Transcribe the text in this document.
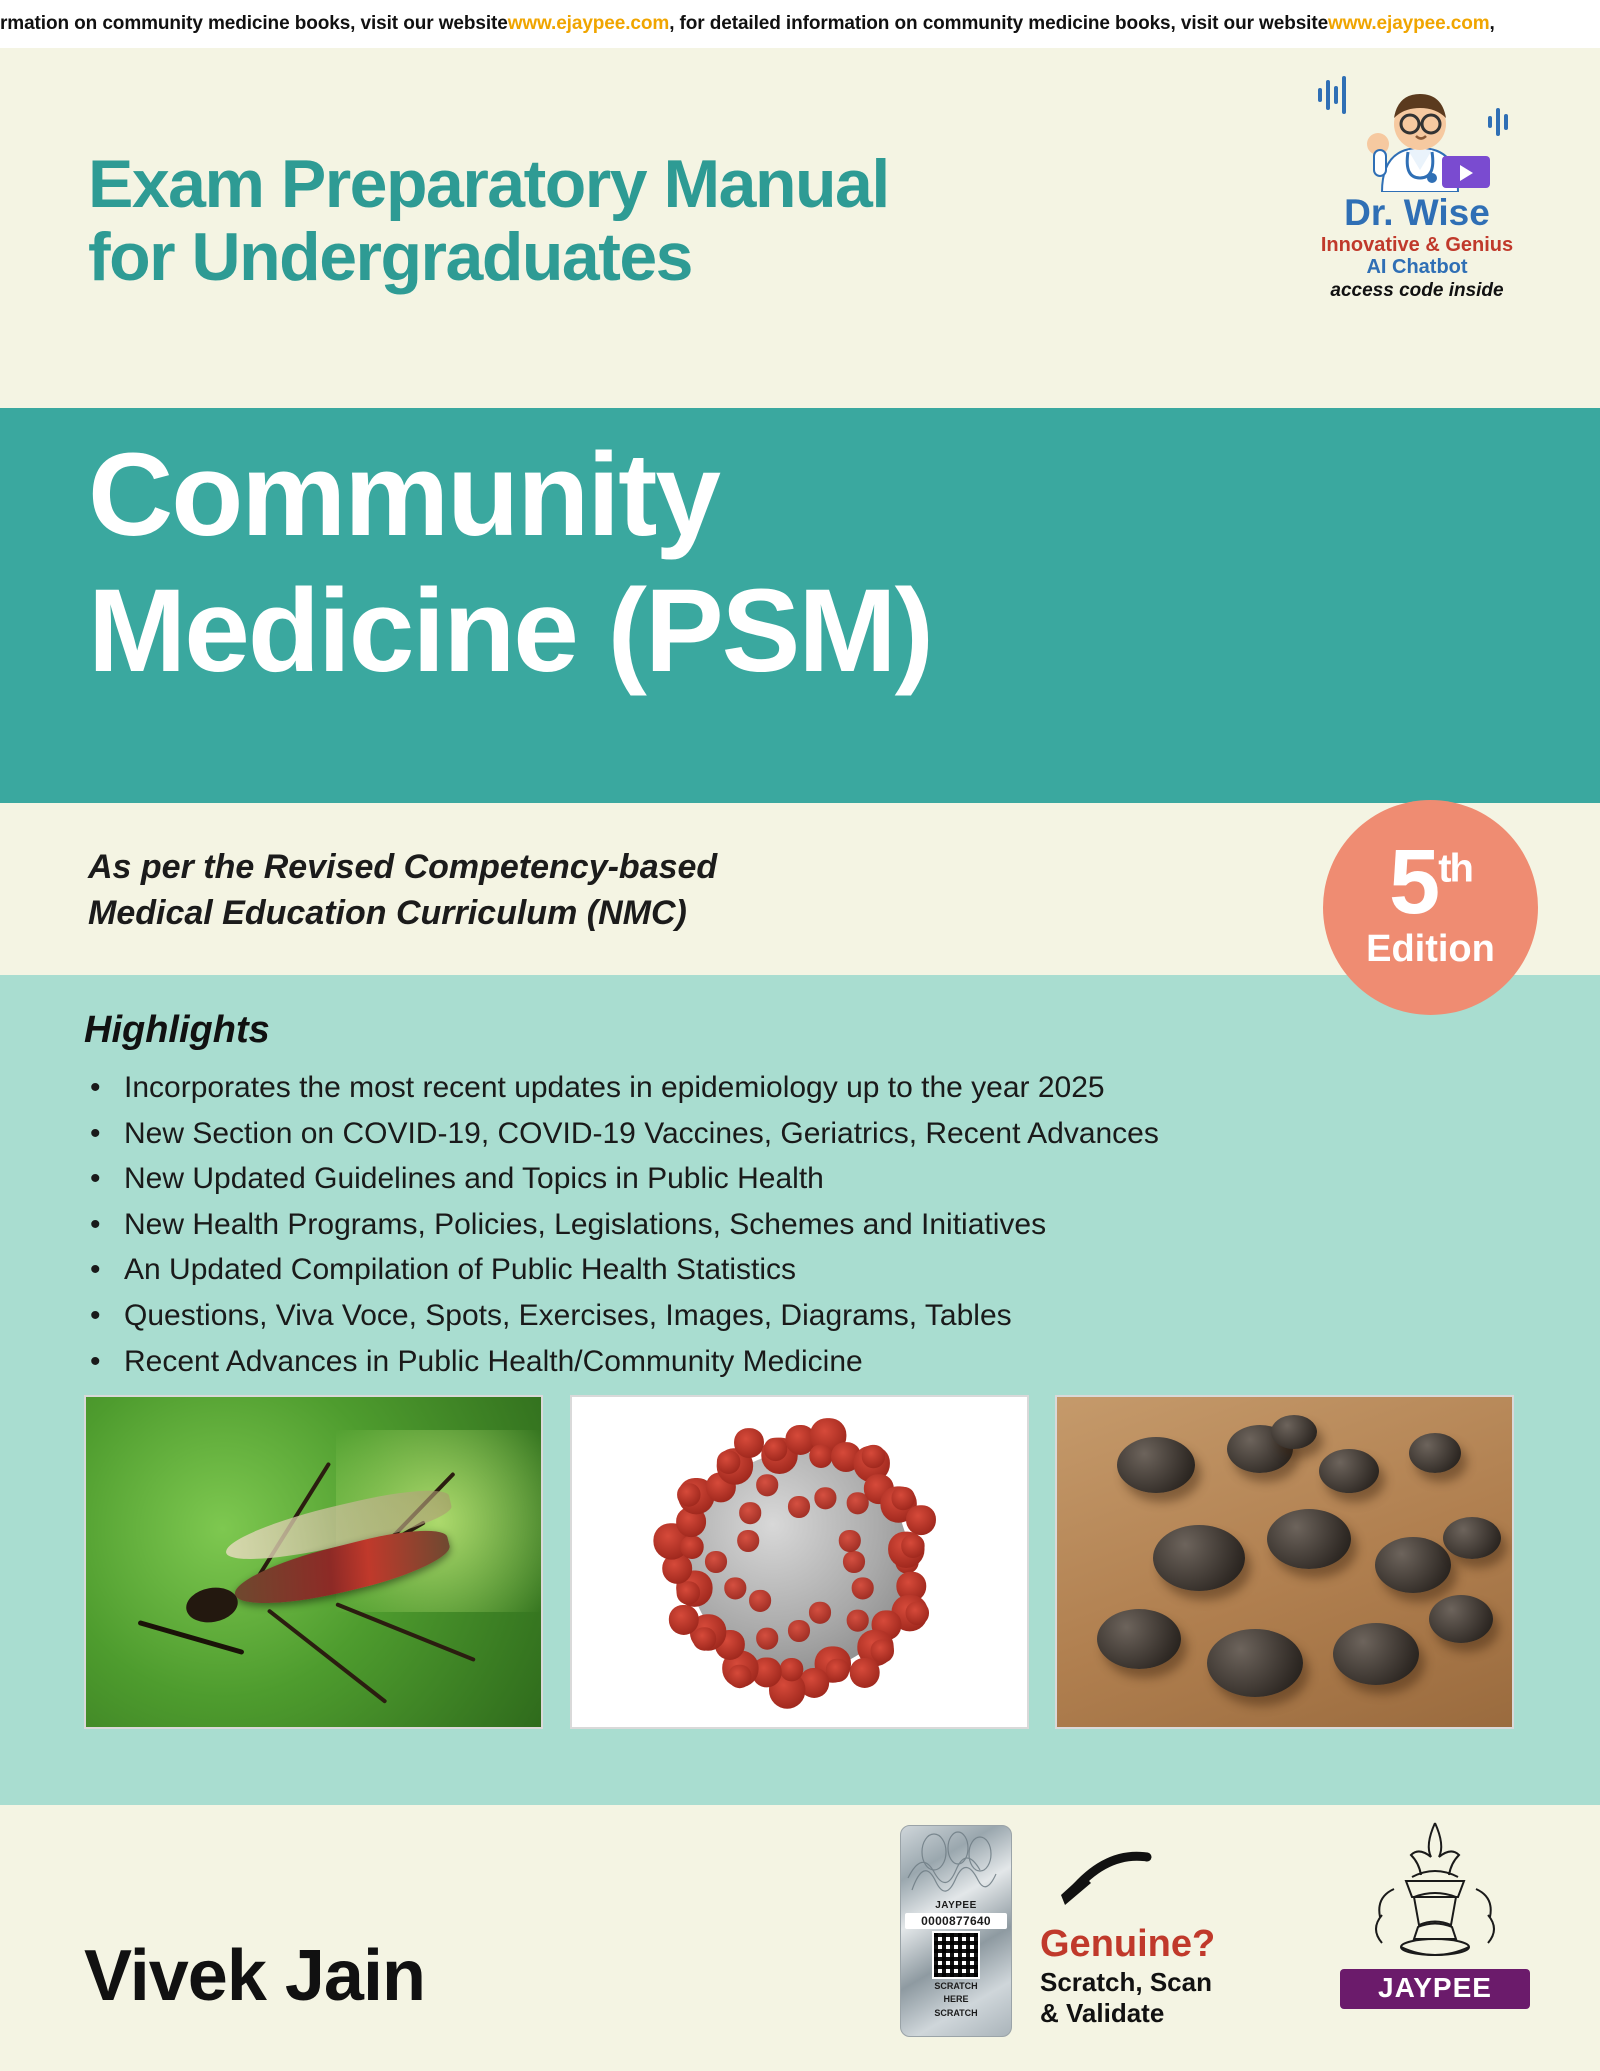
rmation on community medicine books, visit our website www.ejaypee.com , for detailed information on community medicine books, visit our website www.ejaypee.com ,
Exam Preparatory Manual
for Undergraduates
Dr. Wise
Innovative & Genius
AI Chatbot
access code inside
Community
Medicine (PSM)
As per the Revised Competency-based
Medical Education Curriculum (NMC)	5th
Edition
Highlights
• Incorporates the most recent updates in epidemiology up to the year 2025
• New Section on COVID-19, COVID-19 Vaccines, Geriatrics, Recent Advances
• New Updated Guidelines and Topics in Public Health
• New Health Programs, Policies, Legislations, Schemes and Initiatives
• An Updated Compilation of Public Health Statistics
• Questions, Viva Voce, Spots, Exercises, Images, Diagrams, Tables
• Recent Advances in Public Health/Community Medicine
Vivek Jain
JAYPEE
0000877640
SCRATCH
HERE
SCRATCH
Genuine?
Scratch, Scan
& Validate
JAYPEE
